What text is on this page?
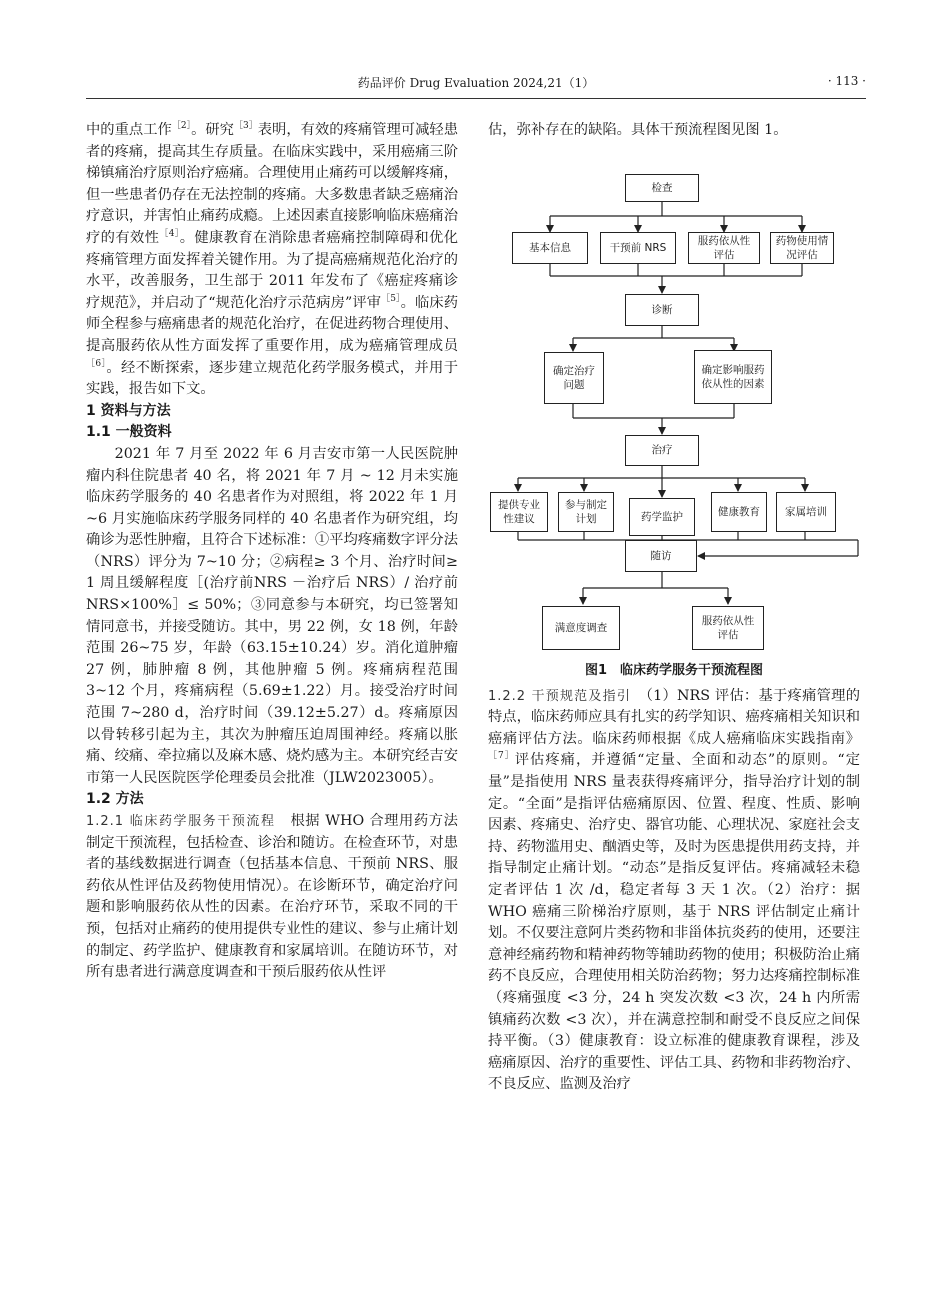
药品评价 Drug Evaluation 2024,21（1）	· 113 ·

中的重点工作$^{[2]}$。研究$^{[3]}$表明，有效的疼痛管理可减轻患者的疼痛，提高其生存质量。在临床实践中，采用癌痛三阶梯镇痛治疗原则治疗癌痛。合理使用止痛药可以缓解疼痛，但一些患者仍存在无法控制的疼痛。大多数患者缺乏癌痛治疗意识，并害怕止痛药成瘾。上述因素直接影响临床癌痛治疗的有效性$^{[4]}$。健康教育在消除患者癌痛控制障碍和优化疼痛管理方面发挥着关键作用。为了提高癌痛规范化治疗的水平，改善服务，卫生部于 2011 年发布了《癌症疼痛诊疗规范》，并启动了“规范化治疗示范病房”评审$^{[5]}$。临床药师全程参与癌痛患者的规范化治疗，在促进药物合理使用、提高服药依从性方面发挥了重要作用，成为癌痛管理成员$^{[6]}$。经不断探索，逐步建立规范化药学服务模式，并用于实践，报告如下文。

1 资料与方法

1.1 一般资料

2021 年 7 月至 2022 年 6 月吉安市第一人民医院肿瘤内科住院患者 40 名，将 2021 年 7 月 ~ 12 月未实施临床药学服务的 40 名患者作为对照组，将 2022 年 1 月 ~6 月实施临床药学服务同样的 40 名患者作为研究组，均确诊为恶性肿瘤，且符合下述标准：①平均疼痛数字评分法（NRS）评分为 7~10 分；②病程≥ 3 个月、治疗时间≥ 1 周且缓解程度［(治疗前NRS －治疗后 NRS）/ 治疗前 NRS×100%］≤ 50%；③同意参与本研究，均已签署知情同意书，并接受随访。其中，男 22 例，女 18 例，年龄范围 26~75 岁，年龄（63.15±10.24）岁。消化道肿瘤 27 例，肺肿瘤 8 例，其他肿瘤 5 例。疼痛病程范围 3~12 个月，疼痛病程（5.69±1.22）月。接受治疗时间范围 7~280 d，治疗时间（39.12±5.27）d。疼痛原因以骨转移引起为主，其次为肿瘤压迫周围神经。疼痛以胀痛、绞痛、牵拉痛以及麻木感、烧灼感为主。本研究经吉安市第一人民医院医学伦理委员会批准（JLW2023005）。

1.2 方法

1.2.1 临床药学服务干预流程　 根据 WHO 合理用药方法制定干预流程，包括检查、诊治和随访。在检查环节，对患者的基线数据进行调查（包括基本信息、干预前 NRS、服药依从性评估及药物使用情况）。在诊断环节，确定治疗问题和影响服药依从性的因素。在治疗环节，采取不同的干预，包括对止痛药的使用提供专业性的建议、参与止痛计划的制定、药学监护、健康教育和家属培训。在随访环节，对所有患者进行满意度调查和干预后服药依从性评

估，弥补存在的缺陷。具体干预流程图见图 1。

检查
基本信息	干预前 NRS
服药依从性评估
药物使用情况评估
诊断
确定治疗问题
确定影响服药依从性的因素
治疗
提供专业性建议
参与制定计划	药学监护	健康教育	家属培训
随访
满意度调查
服药依从性评估
图1　临床药学服务干预流程图

1.2.2 干预规范及指引　 （1）NRS 评估：基于疼痛管理的特点，临床药师应具有扎实的药学知识、癌疼痛相关知识和癌痛评估方法。临床药师根据《成人癌痛临床实践指南》$^{[7]}$评估疼痛，并遵循“定量、全面和动态”的原则。“定量”是指使用 NRS 量表获得疼痛评分，指导治疗计划的制定。“全面”是指评估癌痛原因、位置、程度、性质、影响因素、疼痛史、治疗史、器官功能、心理状况、家庭社会支持、药物滥用史、酗酒史等，及时为医患提供用药支持，并指导制定止痛计划。“动态”是指反复评估。疼痛减轻未稳定者评估 1 次 /d，稳定者每 3 天 1 次。（2）治疗：据 WHO 癌痛三阶梯治疗原则，基于 NRS 评估制定止痛计划。不仅要注意阿片类药物和非甾体抗炎药的使用，还要注意神经痛药物和精神药物等辅助药物的使用；积极防治止痛药不良反应，合理使用相关防治药物；努力达疼痛控制标准（疼痛强度 <3 分，24 h 突发次数 <3 次，24 h 内所需镇痛药次数 <3 次），并在满意控制和耐受不良反应之间保持平衡。（3）健康教育：设立标准的健康教育课程，涉及癌痛原因、治疗的重要性、评估工具、药物和非药物治疗、不良反应、监测及治疗
